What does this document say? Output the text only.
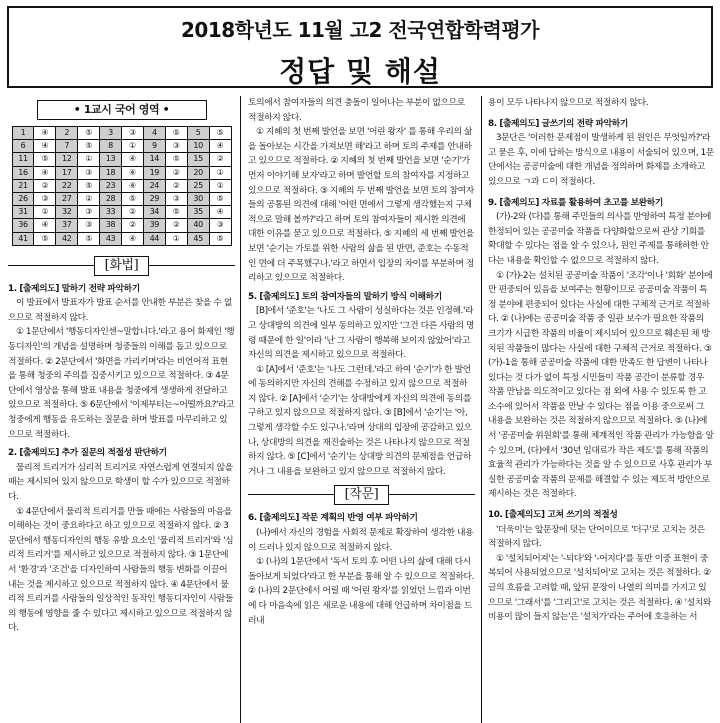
2018학년도 11월 고2 전국연합학력평가
정답 및 해설
• 1교시 국어 영역 •
1	④	2	⑤	3	③	4	⑤	5	⑤
6	④	7	⑤	8	①	9	③	10	④
11	⑤	12	①	13	④	14	⑤	15	②
16	④	17	③	18	④	19	②	20	①
21	②	22	⑤	23	④	24	②	25	①
26	③	27	②	28	⑤	29	③	30	⑤
31	①	32	③	33	②	34	⑤	35	④
36	④	37	③	38	②	39	②	40	③
41	⑤	42	⑤	43	④	44	①	45	⑤
[화법]

1. [출제의도] 말하기 전략 파악하기

이 발표에서 발표자가 발표 순서를 안내한 부분은 찾을 수 없으므로 적절하지 않다.

① 1문단에서 '행동디자인센~말합니다.'라고 용어 화제인 '행동디자인'의 개념을 설명하며 청중들의 이해를 돕고 있으므로 적절하다. ② 2문단에서 '화면을 가리키며'라는 비언어적 표현을 통해 청중의 주의를 집중시키고 있으므로 적절하다. ③ 4문단에서 영상을 통해 발표 내용을 청중에게 생생하게 전달하고 있으므로 적절하다. ⑤ 6문단에서 '이제부터는~어떨까요?'라고 청중에게 행동을 유도하는 질문을 하며 발표를 마무리하고 있으므로 적절하다.

2. [출제의도] 추가 질문의 적절성 판단하기

물리적 트리거가 심리적 트리거로 자연스럽게 연결되지 않을 때는 제시되어 있지 않으므로 학생이 할 수가 있으므로 적절하다.

① 4문단에서 물리적 트리거를 만들 때에는 사람들의 마음을 이해하는 것이 중요하다고 하고 있으므로 적절하지 않다. ② 3문단에서 행동디자인의 행동 유발 요소인 '물리적 트리거'와 '심리적 트리거'를 제시하고 있으므로 적절하지 않다. ③ 1문단에서 '환경'과 '조건'을 디자인하여 사람들의 행동 변화를 이끌어내는 것을 제시하고 있으므로 적절하지 않다. ④ 4문단에서 물리적 트리거를 사람들의 일상적인 동작인 행동디자인이 사람들의 행동에 영향을 줄 수 있다고 제시하고 있으므로 적절하지 않다.

토의에서 참여자들의 의견 충돌이 일어나는 부분이 없으므로 적절하지 않다.

① 지혜의 첫 번째 발언을 보면 '어린 왕자' 를 통해 우리의 삶을 돌아보는 시간을 가져보면 해'라고 하며 토의 주제를 안내하고 있으므로 적절하다. ② 지혜의 첫 번째 발언을 보면 '순기'가 먼저 이야기해 보자'라고 하며 발언할 토의 참여자를 지정하고 있으므로 적절하다. ③ 지혜의 두 번째 발언을 보면 토의 참여자들의 공통된 의견에 대해 '어떤 면에서 그렇게 생각했는지 구체적으로 말해 볼까?'라고 하며 토의 참여자들이 제시한 의견에 대한 이유를 묻고 있으므로 적절하다. ⑤ 지혜의 세 번째 발언을 보면 '순기는 가토를 위한 사람의 삶을 된 반면, 준호는 수동적인 면에 더 주목했구나.'라고 하면서 입장의 차이를 부분하며 정리하고 있으므로 적절하다.

5. [출제의도] 토의 참여자들의 말하기 방식 이해하기

[B]에서 '준호'는 '나도 그 사람이 성실하다는 것은 인정해.'라고 상대방의 의견에 일부 동의하고 있지만 '그건 다른 사람의 명령 때문에 한 일'이라 '난 그 사람이 행복해 보이지 않았어'라고 자신의 의견을 제시하고 있으므로 적절하다.

① [A]에서 '준호'는 '나도 그런데.'라고 하여 '순기'가 한 발언에 동의하지만 자신의 견해를 수정하고 있지 않으므로 적절하지 않다. ② [A]에서 '순기'는 상대방에게 자신의 의견에 동의를 구하고 있지 않으므로 적절하지 않다. ③ [B]에서 '순기'는 '아, 그렇게 생각할 수도 있구나.'라며 상대의 입장에 공감하고 있으나, 상대방의 의견을 재진술하는 것은 나타나지 않으므로 적절하지 않다. ⑤ [C]에서 '순기'는 상대방 의견의 문제점을 언급하거나 그 내용을 보완하고 있지 않으므로 적절하지 않다.

[작문]

6. [출제의도] 작문 계획의 반영 여부 파악하기

(나)에서 자신의 경험을 사회적 문제로 확장하여 생각한 내용이 드러나 있지 않으므로 적절하지 않다.

① (나)의 1문단에서 '독서 토의 후 어떤 나의 삶에 대해 다시 돌아보게 되었다'라고 한 부분을 통해 알 수 있으므로 적절하다. ② (나)의 2문단에서 어릴 때 '어린 왕자'를 읽었던 느낌과 이번에 다 마음속에 읽은 새로운 내용에 대해 언급하며 차이점을 드러내

용이 모두 나타나지 않으므로 적절하지 않다.

8. [출제의도] 글쓰기의 전략 파악하기

3문단은 '이러한 문제점이 발생하게 된 원인은 무엇일까?'라고 묻은 후, 이에 답하는 방식으로 내용이 서술되어 있으며, 1문단에서는 공공미술에 대한 개념을 정의하며 화제를 소개하고 있으므로 ㄱ과 ㄷ이 적절하다.

9. [출제의도] 자료를 활용하여 초고를 보완하기

(가)-2와 (다)를 통해 주민들의 의사를 반영하여 특정 분야에 한정되어 있는 공공미술 작품을 다양화할으로써 관상 기회를 확대할 수 있다는 점을 알 수 있으나, 원인 주제를 통해하한 안다는 내용을 확인할 수 없으므로 적절하지 않다.

① (가)-2는 설치된 공공미술 작품이 '조각'이나 '회화' 분야에만 편중되어 있음을 보여주는 현황이므로 공공미술 작품이 특정 분야에 편중되어 있다는 사실에 대한 구체적 근거로 적절하다. ② (나)에는 공공미술 작품 중 일관 보수가 필요한 작품의 크기가 시급한 작품의 비율이 제시되어 있으므로 훼손된 채 방치된 작품들이 많다는 사실에 대한 구체적 근거로 적절하다. ③ (가)-1을 통해 공공미술 작품에 대한 만족도 한 답변이 나타나 있다는 것 다가 없이 특정 시민들이 작품 공간이 분류할 경우 작품 만남을 의도적이고 있다는 점 외에 사용 수 있도록 한 고 소수에 있어서 작품을 만날 수 있다는 점을 이용 중으로써 그 내용을 보완하는 것은 적절하지 않으므로 적절하다. ⑤ (나)에서 '공공미술 위원회'를 통해 체계적인 작품 관리가 가능함을 알 수 있으며, (다)에서 '30년 임대료가 작은 제도'를 통해 작품의 효율적 관리가 가능하다는 것을 알 수 있으므로 사후 관리가 부실한 공공미술 작품의 문제를 해결할 수 있는 제도적 방안으로 제시하는 것은 적절하다.

10. [출제의도] 고쳐 쓰기의 적절성

'더욱이'는 앞문장에 덧는 단어이므로 '더구'로 고치는 것은 적절하지 않다.

① '설치되어져'는 '-되다'와 '-어지다'를 동반 이중 표현이 중복되어 사용되었으므로 '설치되어'로 고치는 것은 적절하다. ② 글의 흐름을 고려할 때, 앞뒤 문장이 나열의 의미를 가지고 있으므로 '그래서'를 '그리고'로 고치는 것은 적절하다. ④ '설치와 비용이 많이 들지 않는'은 '설치가'라는 주어에 호응하는 서
